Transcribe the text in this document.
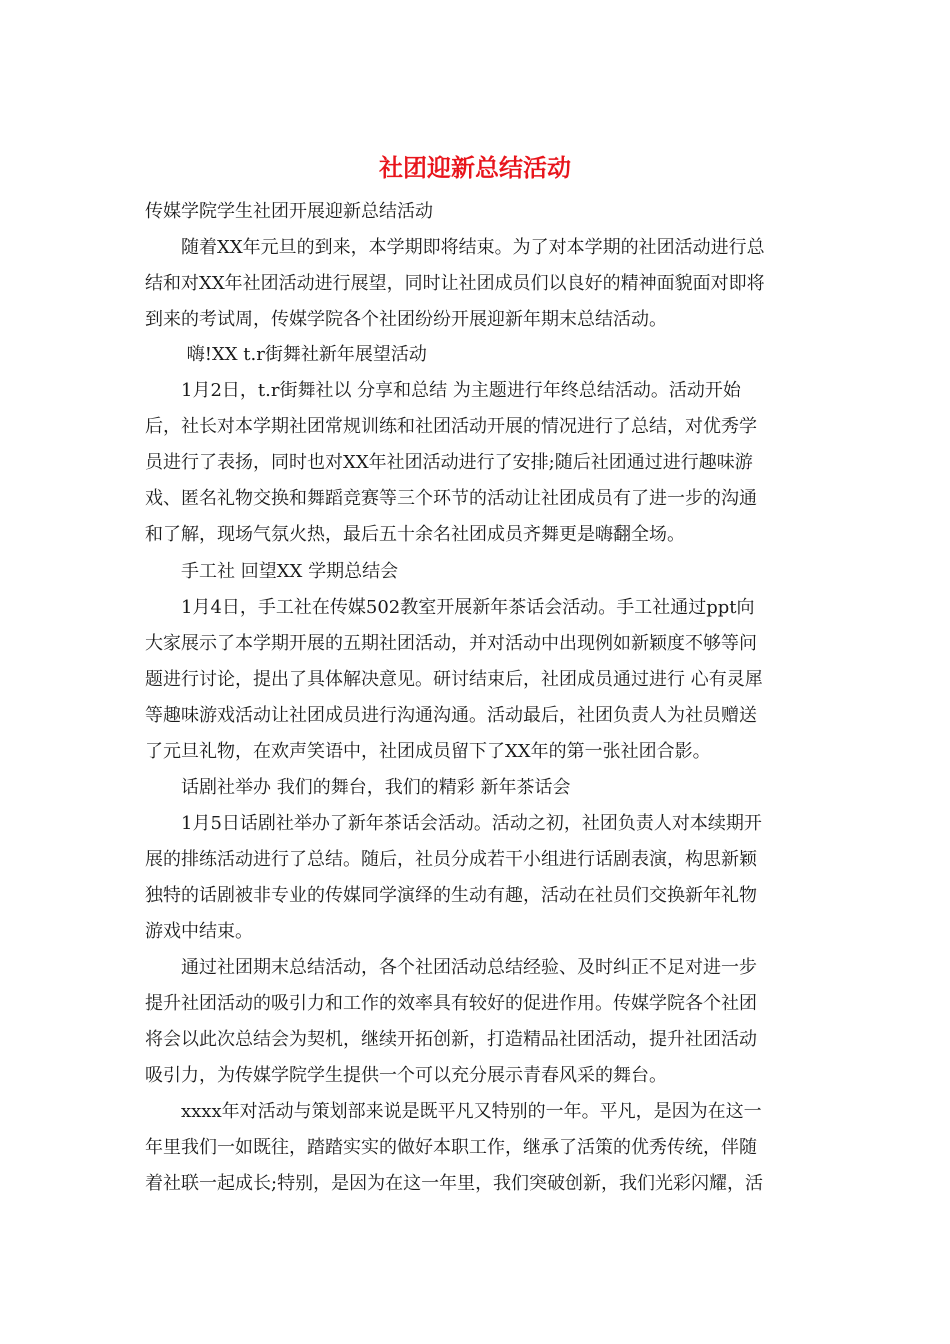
社团迎新总结活动
传媒学院学生社团开展迎新总结活动
　　随着XX年元旦的到来，本学期即将结束。为了对本学期的社团活动进行总
结和对XX年社团活动进行展望，同时让社团成员们以良好的精神面貌面对即将
到来的考试周，传媒学院各个社团纷纷开展迎新年期末总结活动。
　　 嗨!XX t.r街舞社新年展望活动
　　1月2日，t.r街舞社以 分享和总结 为主题进行年终总结活动。活动开始
后，社长对本学期社团常规训练和社团活动开展的情况进行了总结，对优秀学
员进行了表扬，同时也对XX年社团活动进行了安排;随后社团通过进行趣味游
戏、匿名礼物交换和舞蹈竞赛等三个环节的活动让社团成员有了进一步的沟通
和了解，现场气氛火热，最后五十余名社团成员齐舞更是嗨翻全场。
　　手工社 回望XX 学期总结会
　　1月4日，手工社在传媒502教室开展新年茶话会活动。手工社通过ppt向
大家展示了本学期开展的五期社团活动，并对活动中出现例如新颖度不够等问
题进行讨论，提出了具体解决意见。研讨结束后，社团成员通过进行 心有灵犀
等趣味游戏活动让社团成员进行沟通沟通。活动最后，社团负责人为社员赠送
了元旦礼物，在欢声笑语中，社团成员留下了XX年的第一张社团合影。
　　话剧社举办 我们的舞台，我们的精彩 新年茶话会
　　1月5日话剧社举办了新年茶话会活动。活动之初，社团负责人对本续期开
展的排练活动进行了总结。随后，社员分成若干小组进行话剧表演，构思新颖
独特的话剧被非专业的传媒同学演绎的生动有趣，活动在社员们交换新年礼物
游戏中结束。
　　通过社团期末总结活动，各个社团活动总结经验、及时纠正不足对进一步
提升社团活动的吸引力和工作的效率具有较好的促进作用。传媒学院各个社团
将会以此次总结会为契机，继续开拓创新，打造精品社团活动，提升社团活动
吸引力，为传媒学院学生提供一个可以充分展示青春风采的舞台。
　　xxxx年对活动与策划部来说是既平凡又特别的一年。平凡，是因为在这一
年里我们一如既往，踏踏实实的做好本职工作，继承了活策的优秀传统，伴随
着社联一起成长;特别，是因为在这一年里，我们突破创新，我们光彩闪耀，活
